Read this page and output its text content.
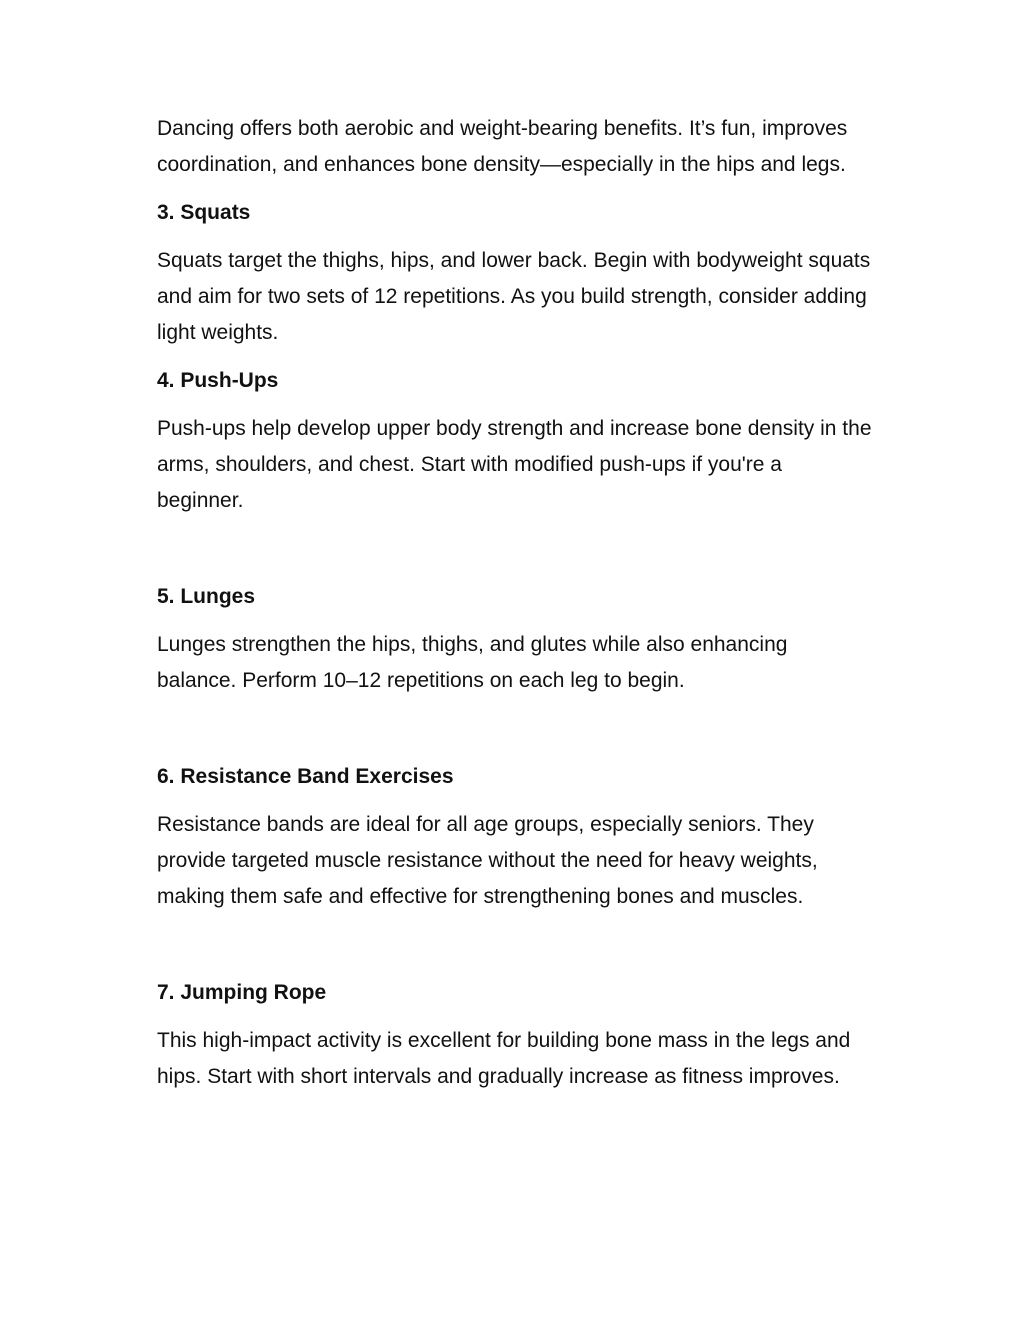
Dancing offers both aerobic and weight-bearing benefits. It’s fun, improves coordination, and enhances bone density—especially in the hips and legs.

3. Squats

Squats target the thighs, hips, and lower back. Begin with bodyweight squats and aim for two sets of 12 repetitions. As you build strength, consider adding light weights.

4. Push-Ups

Push-ups help develop upper body strength and increase bone density in the arms, shoulders, and chest. Start with modified push-ups if you're a beginner.

5. Lunges

Lunges strengthen the hips, thighs, and glutes while also enhancing balance. Perform 10–12 repetitions on each leg to begin.

6. Resistance Band Exercises

Resistance bands are ideal for all age groups, especially seniors. They provide targeted muscle resistance without the need for heavy weights, making them safe and effective for strengthening bones and muscles.

7. Jumping Rope

This high-impact activity is excellent for building bone mass in the legs and hips. Start with short intervals and gradually increase as fitness improves.
